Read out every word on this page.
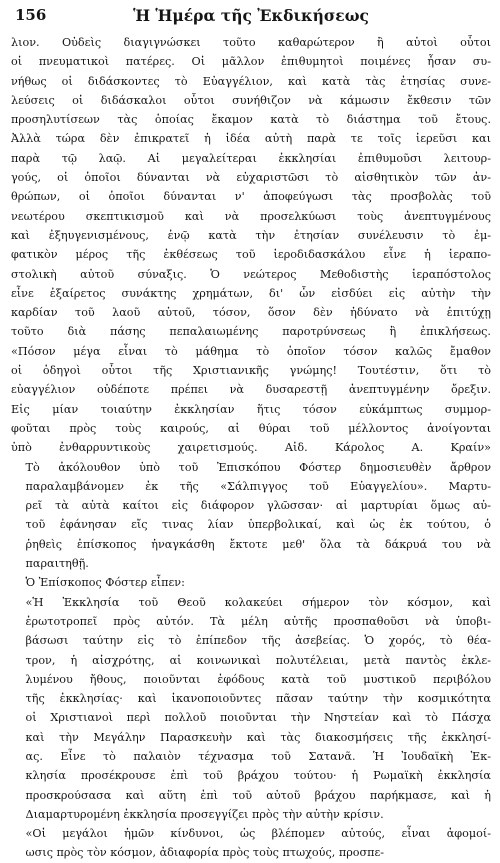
156	Ἡ Ἡμέρα τῆς Ἐκδικήσεως
λιον. Οὐδεὶς διαγιγνώσκει τοῦτο καθαρώτερον ἢ αὐτοὶ οὗτοι
οἱ πνευματικοὶ πατέρες. Οἱ μᾶλλον ἐπιθυμητοὶ ποιμένες ἦσαν συ-
νήθως οἱ διδάσκοντες τὸ Εὐαγγέλιον, καὶ κατὰ τὰς ἐτησίας συνε-
λεύσεις οἱ διδάσκαλοι οὗτοι συνήθιζον νὰ κάμωσιν ἔκθεσιν τῶν
προσηλυτίσεων τὰς ὁποίας ἔκαμον κατὰ τὸ διάστημα τοῦ ἔτους.
Ἀλλὰ τώρα δὲν ἐπικρατεῖ ἡ ἰδέα αὐτὴ παρὰ τε τοῖς ἱερεῦσι και
παρὰ τῷ λαῷ. Αἱ μεγαλείτεραι ἐκκλησίαι ἐπιθυμοῦσι λειτουρ-
γούς, οἱ ὁποῖοι δύνανται νὰ εὐχαριστῶσι τὸ αἰσθητικὸν τῶν ἀν-
θρώπων, οἱ ὁποῖοι δύνανται ν' ἀποφεύγωσι τὰς προσβολὰς τοῦ
νεωτέρου σκεπτικισμοῦ καὶ νὰ προσελκύωσι τοὺς ἀνεπτυγμένους
καὶ ἐξηυγενισμένους, ἐνῷ κατὰ τὴν ἐτησίαν συνέλευσιν τὸ ἐμ-
φατικὸν μέρος τῆς ἐκθέσεως τοῦ ἱεροδιδασκάλου εἶνε ἡ ἱεραπο-
στολικὴ αὐτοῦ σύναξις. Ὁ νεώτερος Μεθοδιστὴς ἱεραπόστολος
εἶνε ἐξαίρετος συνάκτης χρημάτων, δι' ὧν εἰσδύει εἰς αὐτὴν τὴν
καρδίαν τοῦ λαοῦ αὐτοῦ, τόσον, ὅσον δὲν ἠδύνατο νὰ ἐπιτύχῃ
τοῦτο διὰ πάσης πεπαλαιωμένης παροτρύνσεως ἢ ἐπικλήσεως.
«Πόσον μέγα εἶναι τὸ μάθημα τὸ ὁποῖον τόσον καλῶς ἔμαθον
οἱ ὁδηγοὶ οὗτοι τῆς Χριστιανικῆς γνώμης! Τουτέστιν, ὅτι τὸ
εὐαγγέλιον οὐδέποτε πρέπει νὰ δυσαρεστῇ ἀνεπτυγμένην ὄρεξιν.
Εἰς μίαν τοιαύτην ἐκκλησίαν ἥτις τόσον εὐκάμπτως συμμορ-
φοῦται πρὸς τοὺς καιρούς, αἱ θύραι τοῦ μέλλοντος ἀνοίγονται
ὑπὸ ἐνθαρρυντικοὺς χαιρετισμούς. Αἰδ. Κάρολος Α. Κραίν»
Τὸ ἀκόλουθον ὑπὸ τοῦ Ἐπισκόπου Φόστερ δημοσιευθὲν ἄρθρον
παραλαμβάνομεν ἐκ τῆς «Σάλπιγγος τοῦ Εὐαγγελίου». Μαρτυ-
ρεῖ τὰ αὐτὰ καίτοι εἰς διάφορον γλῶσσαν· αἱ μαρτυρίαι ὅμως αὐ-
τοῦ ἐφάνησαν εἴς τινας λίαν ὑπερβολικαί, καὶ ὡς ἐκ τούτου, ὁ
ῥηθεὶς ἐπίσκοπος ἠναγκάσθη ἔκτοτε μεθ' ὅλα τὰ δάκρυά του νὰ
παραιτηθῇ.
Ὁ Ἐπίσκοπος Φόστερ εἶπεν:
«Ἡ Ἐκκλησία τοῦ Θεοῦ κολακεύει σήμερον τὸν κόσμον, καὶ
ἐρωτοτροπεῖ πρὸς αὐτόν. Τὰ μέλη αὐτῆς προσπαθοῦσι νὰ ὑποβι-
βάσωσι ταύτην εἰς τὸ ἐπίπεδον τῆς ἀσεβείας. Ὁ χορός, τὸ θέα-
τρον, ἡ αἰσχρότης, αἱ κοινωνικαὶ πολυτέλειαι, μετὰ παντὸς ἐκλε-
λυμένου ἤθους, ποιοῦνται ἐφόδους κατὰ τοῦ μυστικοῦ περιβόλου
τῆς ἐκκλησίας· καὶ ἱκανοποιοῦντες πᾶσαν ταύτην τὴν κοσμικότητα
οἱ Χριστιανοὶ περὶ πολλοῦ ποιοῦνται τὴν Νηστείαν καὶ τὸ Πάσχα
καὶ τὴν Μεγάλην Παρασκευὴν καὶ τὰς διακοσμήσεις τῆς ἐκκλησί-
ας. Εἶνε τὸ παλαιὸν τέχνασμα τοῦ Σατανᾶ. Ἡ Ἰουδαϊκὴ Ἐκ-
κλησία προσέκρουσε ἐπὶ τοῦ βράχου τούτου· ἡ Ρωμαϊκὴ ἐκκλησία
προσκρούσασα καὶ αὕτη ἐπὶ τοῦ αὐτοῦ βράχου παρήκμασε, καὶ ἡ
Διαμαρτυρομένη ἐκκλησία προσεγγίζει πρὸς τὴν αὐτὴν κρίσιν.
«Οἱ μεγάλοι ἡμῶν κίνδυνοι, ὡς βλέπομεν αὐτούς, εἶναι ἀφομοί-
ωσις πρὸς τὸν κόσμον, ἀδιαφορία πρὸς τοὺς πτωχούς, προσπε-
